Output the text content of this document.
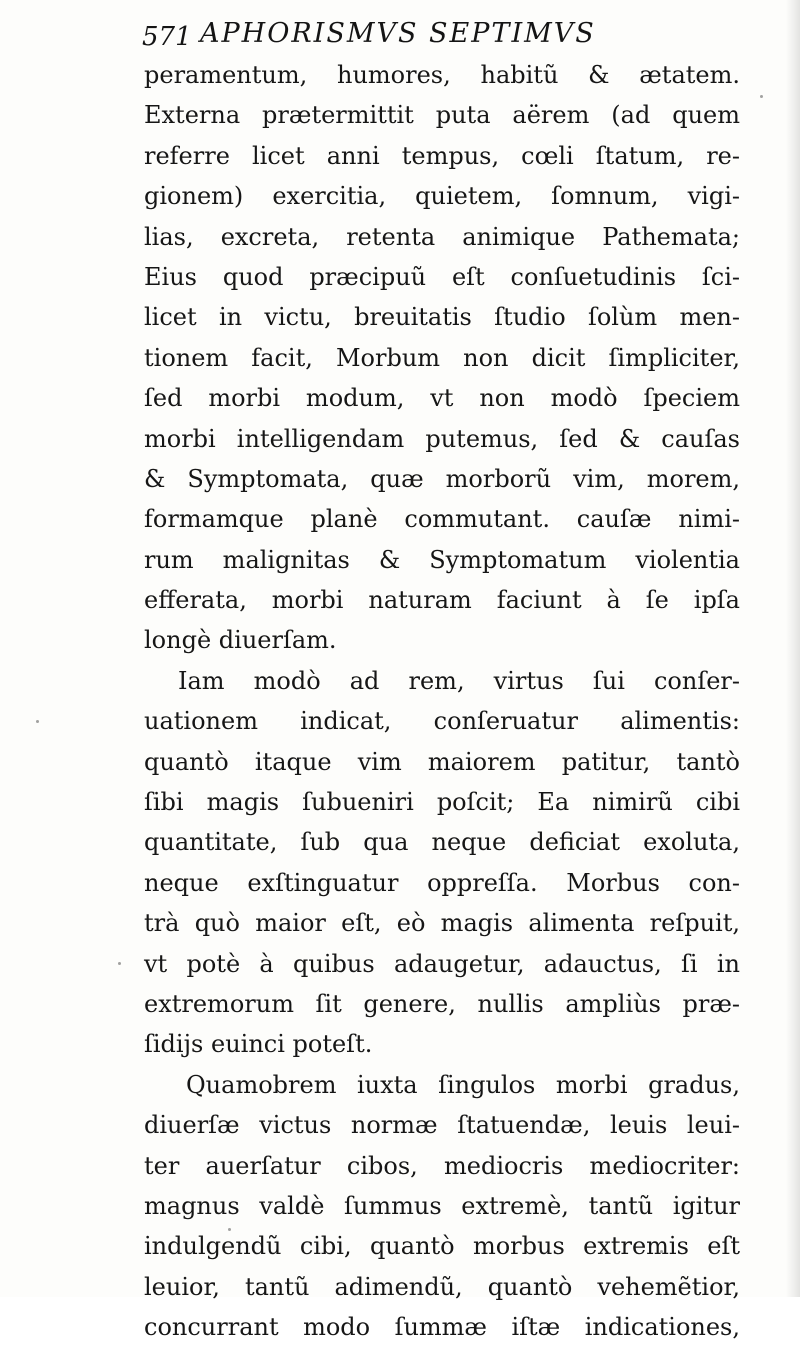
571 APHORISMVS SEPTIMVS
peramentum, humores, habitũ & ætatem.
Externa prætermittit puta aërem (ad quem
referre licet anni tempus, cœli ſtatum, re-
gionem) exercitia, quietem, ſomnum, vigi-
lias, excreta, retenta animique Pathemata;
Eius quod præcipuũ eſt conſuetudinis ſci-
licet in victu, breuitatis ſtudio ſolùm men-
tionem facit, Morbum non dicit ſimpliciter,
ſed morbi modum, vt non modò ſpeciem
morbi intelligendam putemus, ſed & cauſas
& Symptomata, quæ morborũ vim, morem,
formamque planè commutant. cauſæ nimi-
rum malignitas & Symptomatum violentia
efferata, morbi naturam faciunt à ſe ipſa
longè diuerſam.
Iam modò ad rem, virtus ſui conſer-
uationem indicat, conſeruatur alimentis:
quantò itaque vim maiorem patitur, tantò
ſibi magis ſubueniri poſcit; Ea nimirũ cibi
quantitate, ſub qua neque deficiat exoluta,
neque exſtinguatur oppreſſa. Morbus con-
trà quò maior eſt, eò magis alimenta reſpuit,
vt potè à quibus adaugetur, adauctus, ſi in
extremorum ſit genere, nullis ampliùs præ-
ſidijs euinci poteſt.
Quamobrem iuxta ſingulos morbi gradus,
diuerſæ victus normæ ſtatuendæ, leuis leui-
ter auerſatur cibos, mediocris mediocriter:
magnus valdè ſummus extremè, tantũ igitur
indulgendũ cibi, quantò morbus extremis eſt
leuior, tantũ adimendũ, quantò vehemẽtior,
concurrant modo ſummæ iſtæ indicationes,
